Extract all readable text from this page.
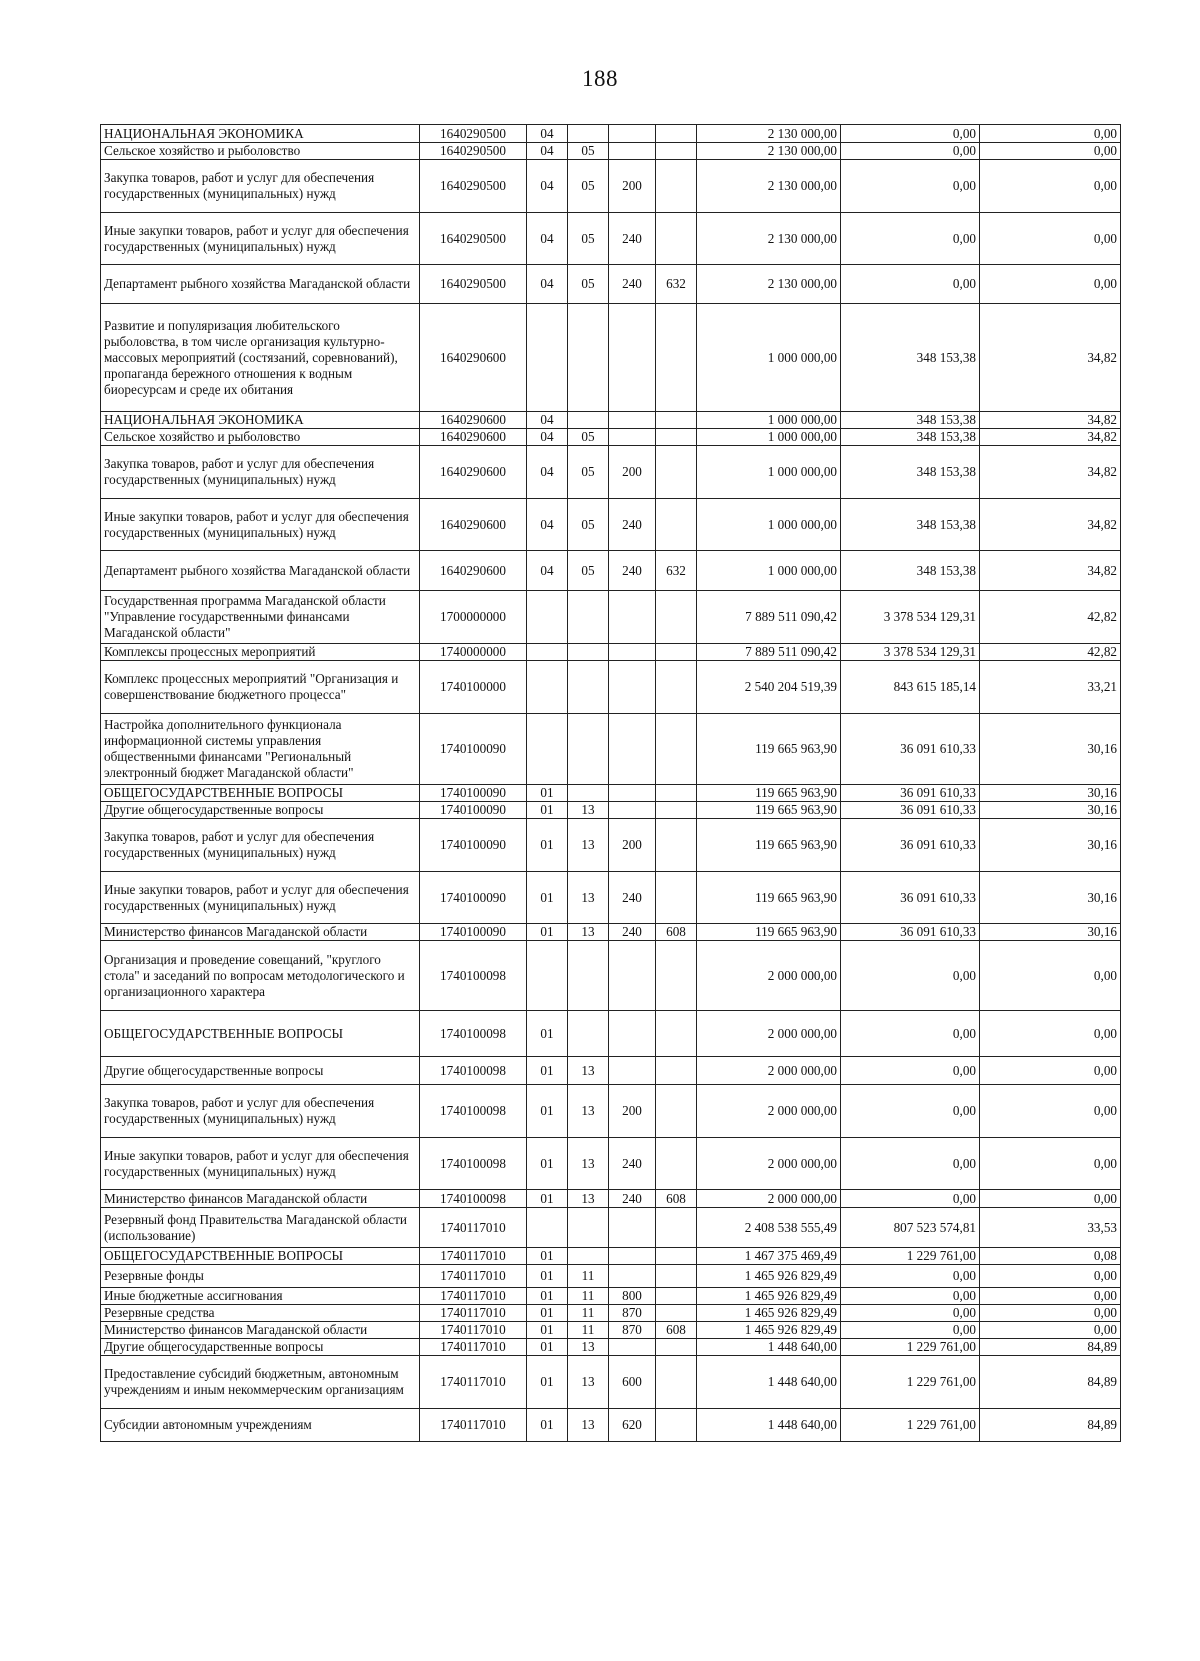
188
НАЦИОНАЛЬНАЯ ЭКОНОМИКА	1640290500	04				2 130 000,00	0,00	0,00
Сельское хозяйство и рыболовство	1640290500	04	05			2 130 000,00	0,00	0,00
Закупка товаров, работ и услуг для обеспечения государственных (муниципальных) нужд	1640290500	04	05	200		2 130 000,00	0,00	0,00
Иные закупки товаров, работ и услуг для обеспечения государственных (муниципальных) нужд	1640290500	04	05	240		2 130 000,00	0,00	0,00
Департамент рыбного хозяйства Магаданской области	1640290500	04	05	240	632	2 130 000,00	0,00	0,00
Развитие и популяризация любительского рыболовства, в том числе организация культурно-массовых мероприятий (состязаний, соревнований), пропаганда бережного отношения к водным биоресурсам и среде их обитания	1640290600					1 000 000,00	348 153,38	34,82
НАЦИОНАЛЬНАЯ ЭКОНОМИКА	1640290600	04				1 000 000,00	348 153,38	34,82
Сельское хозяйство и рыболовство	1640290600	04	05			1 000 000,00	348 153,38	34,82
Закупка товаров, работ и услуг для обеспечения государственных (муниципальных) нужд	1640290600	04	05	200		1 000 000,00	348 153,38	34,82
Иные закупки товаров, работ и услуг для обеспечения государственных (муниципальных) нужд	1640290600	04	05	240		1 000 000,00	348 153,38	34,82
Департамент рыбного хозяйства Магаданской области	1640290600	04	05	240	632	1 000 000,00	348 153,38	34,82
Государственная программа Магаданской области "Управление государственными финансами Магаданской области"	1700000000					7 889 511 090,42	3 378 534 129,31	42,82
Комплексы процессных мероприятий	1740000000					7 889 511 090,42	3 378 534 129,31	42,82
Комплекс процессных мероприятий "Организация и совершенствование бюджетного процесса"	1740100000					2 540 204 519,39	843 615 185,14	33,21
Настройка дополнительного функционала информационной системы управления общественными финансами "Региональный электронный бюджет Магаданской области"	1740100090					119 665 963,90	36 091 610,33	30,16
ОБЩЕГОСУДАРСТВЕННЫЕ ВОПРОСЫ	1740100090	01				119 665 963,90	36 091 610,33	30,16
Другие общегосударственные вопросы	1740100090	01	13			119 665 963,90	36 091 610,33	30,16
Закупка товаров, работ и услуг для обеспечения государственных (муниципальных) нужд	1740100090	01	13	200		119 665 963,90	36 091 610,33	30,16
Иные закупки товаров, работ и услуг для обеспечения государственных (муниципальных) нужд	1740100090	01	13	240		119 665 963,90	36 091 610,33	30,16
Министерство финансов Магаданской области	1740100090	01	13	240	608	119 665 963,90	36 091 610,33	30,16
Организация и проведение совещаний, "круглого стола" и заседаний по вопросам методологического и организационного характера	1740100098					2 000 000,00	0,00	0,00
ОБЩЕГОСУДАРСТВЕННЫЕ ВОПРОСЫ	1740100098	01				2 000 000,00	0,00	0,00
Другие общегосударственные вопросы	1740100098	01	13			2 000 000,00	0,00	0,00
Закупка товаров, работ и услуг для обеспечения государственных (муниципальных) нужд	1740100098	01	13	200		2 000 000,00	0,00	0,00
Иные закупки товаров, работ и услуг для обеспечения государственных (муниципальных) нужд	1740100098	01	13	240		2 000 000,00	0,00	0,00
Министерство финансов Магаданской области	1740100098	01	13	240	608	2 000 000,00	0,00	0,00
Резервный фонд Правительства Магаданской области (использование)	1740117010					2 408 538 555,49	807 523 574,81	33,53
ОБЩЕГОСУДАРСТВЕННЫЕ ВОПРОСЫ	1740117010	01				1 467 375 469,49	1 229 761,00	0,08
Резервные фонды	1740117010	01	11			1 465 926 829,49	0,00	0,00
Иные бюджетные ассигнования	1740117010	01	11	800		1 465 926 829,49	0,00	0,00
Резервные средства	1740117010	01	11	870		1 465 926 829,49	0,00	0,00
Министерство финансов Магаданской области	1740117010	01	11	870	608	1 465 926 829,49	0,00	0,00
Другие общегосударственные вопросы	1740117010	01	13			1 448 640,00	1 229 761,00	84,89
Предоставление субсидий бюджетным, автономным учреждениям и иным некоммерческим организациям	1740117010	01	13	600		1 448 640,00	1 229 761,00	84,89
Субсидии автономным учреждениям	1740117010	01	13	620		1 448 640,00	1 229 761,00	84,89
